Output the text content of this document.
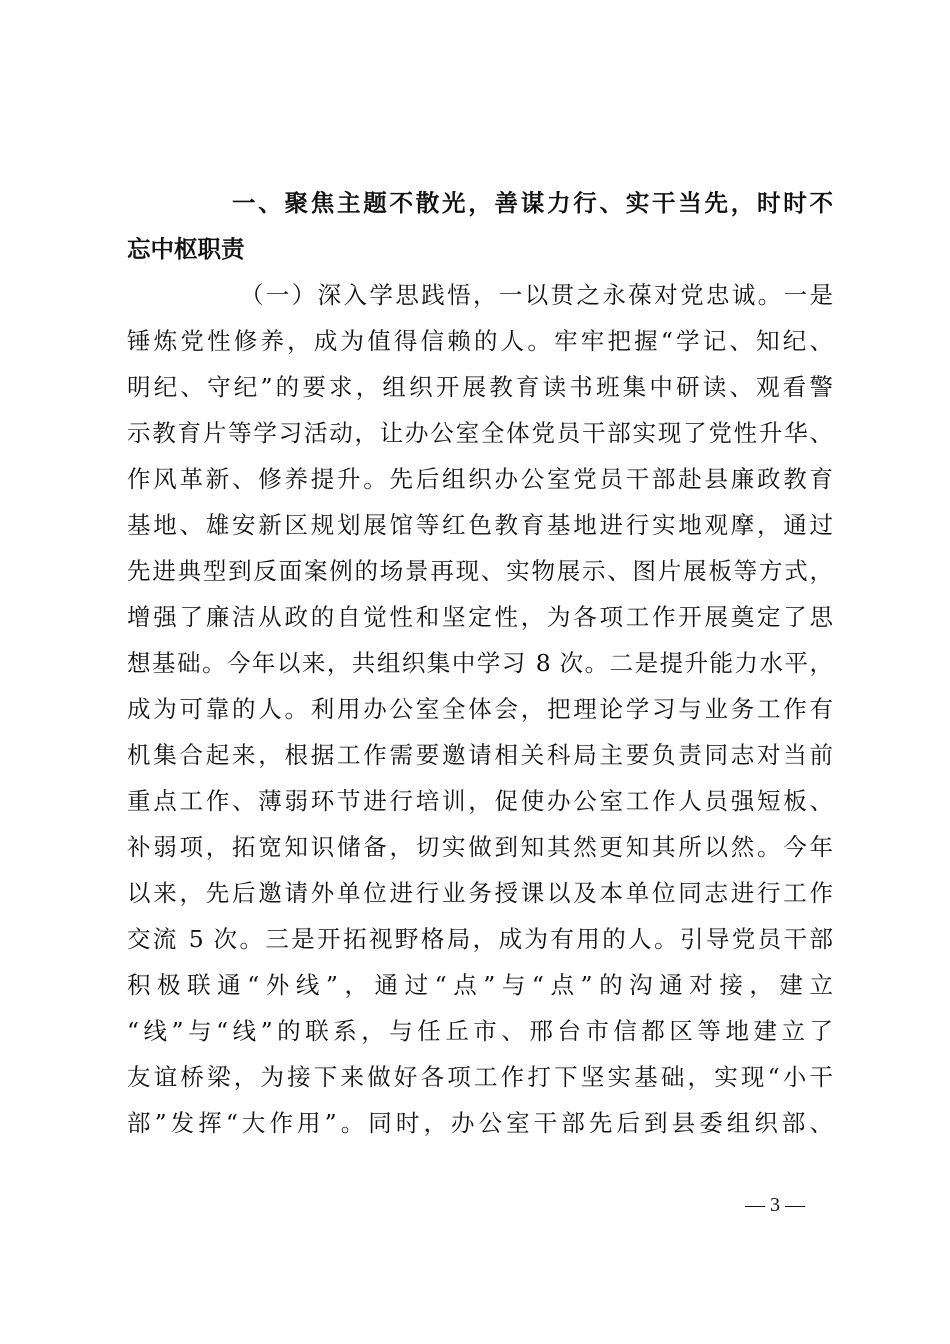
一、聚焦主题不散光，善谋力行、实干当先，时时不
忘中枢职责
（一）深入学思践悟，一以贯之永葆对党忠诚。一是
锤炼党性修养，成为值得信赖的人。牢牢把握“学记、知纪、
明纪、守纪”的要求，组织开展教育读书班集中研读、观看警
示教育片等学习活动，让办公室全体党员干部实现了党性升华、
作风革新、修养提升。先后组织办公室党员干部赴县廉政教育
基地、雄安新区规划展馆等红色教育基地进行实地观摩，通过
先进典型到反面案例的场景再现、实物展示、图片展板等方式，
增强了廉洁从政的自觉性和坚定性，为各项工作开展奠定了思
想基础。今年以来，共组织集中学习 8 次。二是提升能力水平，
成为可靠的人。利用办公室全体会，把理论学习与业务工作有
机集合起来，根据工作需要邀请相关科局主要负责同志对当前
重点工作、薄弱环节进行培训，促使办公室工作人员强短板、
补弱项，拓宽知识储备，切实做到知其然更知其所以然。今年
以来，先后邀请外单位进行业务授课以及本单位同志进行工作
交流 5 次。三是开拓视野格局，成为有用的人。引导党员干部
积极联通“外线”，通过“点”与“点”的沟通对接，建立
“线”与“线”的联系，与任丘市、邢台市信都区等地建立了
友谊桥梁，为接下来做好各项工作打下坚实基础，实现“小干
部”发挥“大作用”。同时，办公室干部先后到县委组织部、
— 3 —
